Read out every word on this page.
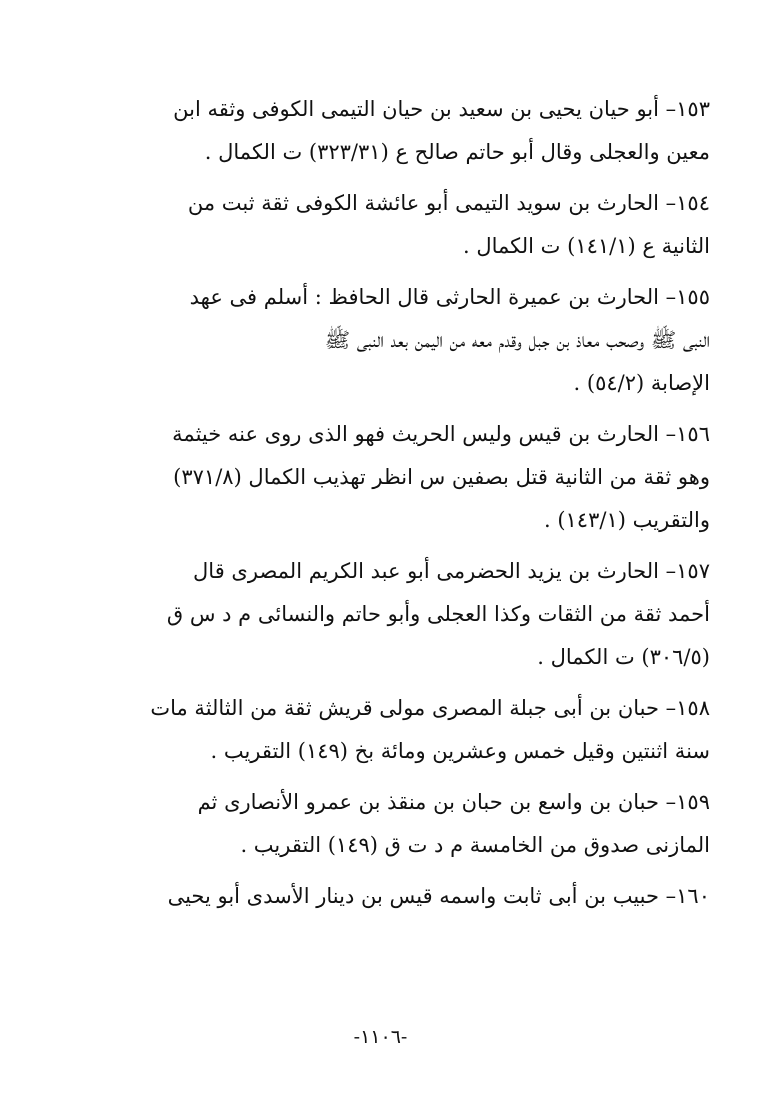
١٥٣– أبو حيان يحيى بن سعيد بن حيان التيمى الكوفى وثقه ابن
معين والعجلى وقال أبو حاتم صالح ع (٣٢٣/٣١) ت الكمال .
١٥٤– الحارث بن سويد التيمى أبو عائشة الكوفى ثقة ثبت من
الثانية ع (١٤١/١) ت الكمال .
١٥٥– الحارث بن عميرة الحارثى قال الحافظ : أسلم فى عهد
النبى ﷺ وصحب معاذ بن جبل وقدم معه من اليمن بعد النبى ﷺ
الإصابة (٥٤/٢) .
١٥٦– الحارث بن قيس وليس الحريث فهو الذى روى عنه خيثمة
وهو ثقة من الثانية قتل بصفين س انظر تهذيب الكمال (٣٧١/٨)
والتقريب (١٤٣/١) .
١٥٧– الحارث بن يزيد الحضرمى أبو عبد الكريم المصرى قال
أحمد ثقة من الثقات وكذا العجلى وأبو حاتم والنسائى م د س ق
(٣٠٦/٥) ت الكمال .
١٥٨– حبان بن أبى جبلة المصرى مولى قريش ثقة من الثالثة مات
سنة اثنتين وقيل خمس وعشرين ومائة بخ (١٤٩) التقريب .
١٥٩– حبان بن واسع بن حبان بن منقذ بن عمرو الأنصارى ثم
المازنى صدوق من الخامسة م د ت ق (١٤٩) التقريب .
١٦٠– حبيب بن أبى ثابت واسمه قيس بن دينار الأسدى أبو يحيى
-١١٠٦-
